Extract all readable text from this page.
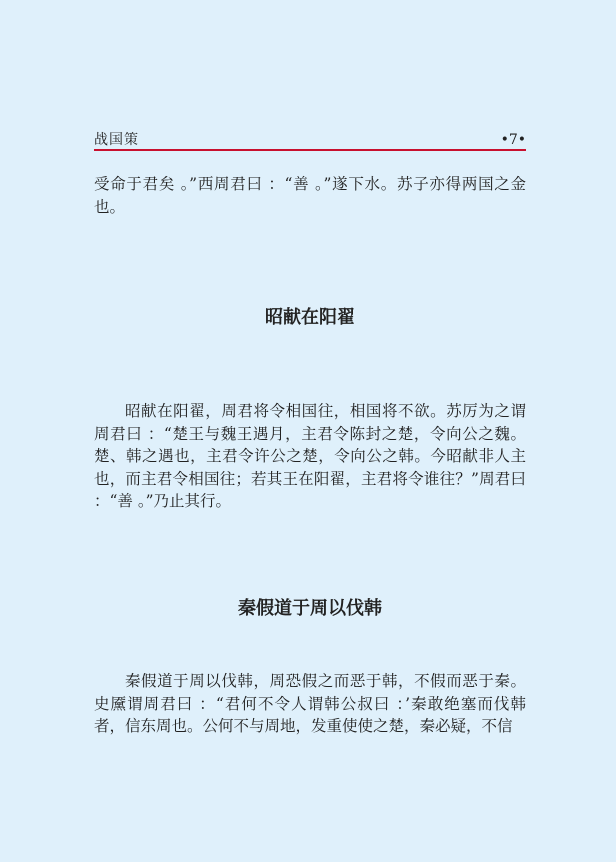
战国策	•7•

受命于君矣 。”西周君曰 ：“善 。”遂下水。苏子亦得两国之金也。

昭献在阳翟

昭献在阳翟，周君将令相国往，相国将不欲。苏厉为之谓周君曰 ：“楚王与魏王遇月，主君令陈封之楚，令向公之魏。楚、韩之遇也，主君令许公之楚，令向公之韩。今昭献非人主也，而主君令相国往；若其王在阳翟，主君将令谁往？”周君曰 ：“善 。”乃止其行。

秦假道于周以伐韩

秦假道于周以伐韩，周恐假之而恶于韩，不假而恶于秦。史黡谓周君曰 ：“君何不令人谓韩公叔曰 ：’秦敢绝塞而伐韩者，信东周也。公何不与周地，发重使使之楚，秦必疑，不信
